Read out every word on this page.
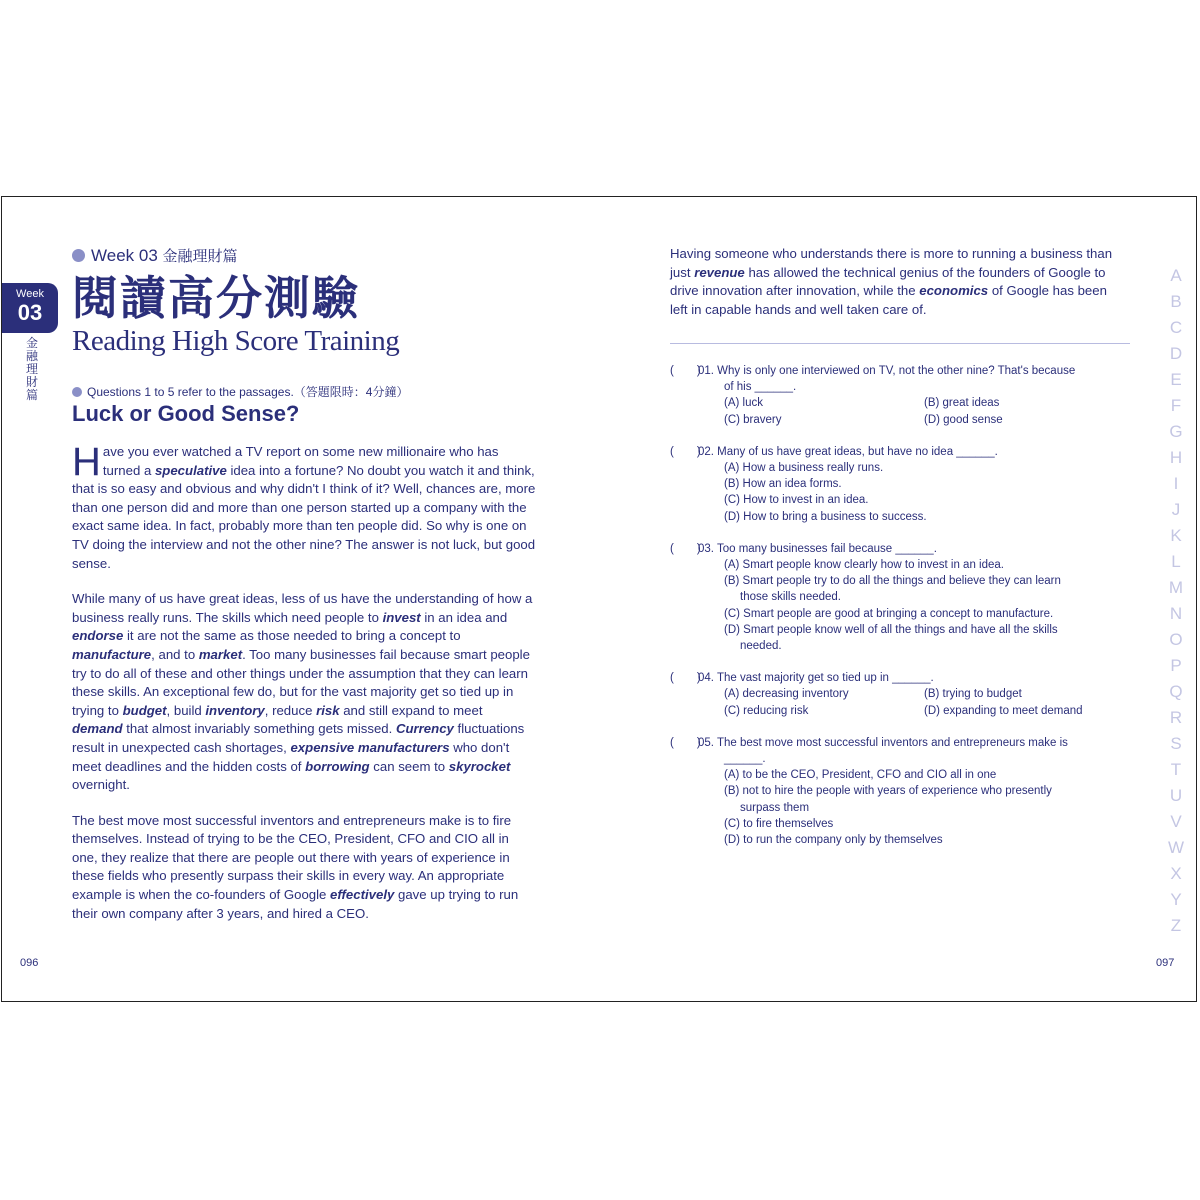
Week
03
金融理財篇
Week 03 金融理財篇
閱讀高分測驗
Reading High Score Training
Questions 1 to 5 refer to the passages.（答題限時：4分鐘）
Luck or Good Sense?

Have you ever watched a TV report on some new millionaire who has turned a speculative idea into a fortune? No doubt you watch it and think, that is so easy and obvious and why didn't I think of it? Well, chances are, more than one person did and more than one person started up a company with the exact same idea. In fact, probably more than ten people did. So why is one on TV doing the interview and not the other nine? The answer is not luck, but good sense.

While many of us have great ideas, less of us have the understanding of how a business really runs. The skills which need people to invest in an idea and endorse it are not the same as those needed to bring a concept to manufacture, and to market. Too many businesses fail because smart people try to do all of these and other things under the assumption that they can learn these skills. An exceptional few do, but for the vast majority get so tied up in trying to budget, build inventory, reduce risk and still expand to meet demand that almost invariably something gets missed. Currency fluctuations result in unexpected cash shortages, expensive manufacturers who don't meet deadlines and the hidden costs of borrowing can seem to skyrocket overnight.

The best move most successful inventors and entrepreneurs make is to fire themselves. Instead of trying to be the CEO, President, CFO and CIO all in one, they realize that there are people out there with years of experience in these fields who presently surpass their skills in every way. An appropriate example is when the co-founders of Google effectively gave up trying to run their own company after 3 years, and hired a CEO.

096
Having someone who understands there is more to running a business than just revenue has allowed the technical genius of the founders of Google to drive innovation after innovation, while the economics of Google has been left in capable hands and well taken care of.
(　　)
01. Why is only one interviewed on TV, not the other nine? That's because
of his ______.
(A) luck	(B) great ideas
(C) bravery	(D) good sense
(　　)
02. Many of us have great ideas, but have no idea ______.
(A) How a business really runs.
(B) How an idea forms.
(C) How to invest in an idea.
(D) How to bring a business to success.
(　　)
03. Too many businesses fail because ______.
(A) Smart people know clearly how to invest in an idea.
(B) Smart people try to do all the things and believe they can learn
those skills needed.
(C) Smart people are good at bringing a concept to manufacture.
(D) Smart people know well of all the things and have all the skills
needed.
(　　)
04. The vast majority get so tied up in ______.
(A) decreasing inventory	(B) trying to budget
(C) reducing risk	(D) expanding to meet demand
(　　)
05. The best move most successful inventors and entrepreneurs make is
______.
(A) to be the CEO, President, CFO and CIO all in one
(B) not to hire the people with years of experience who presently
surpass them
(C) to fire themselves
(D) to run the company only by themselves
097
A
B
C
D
E
F
G
H
I
J
K
L
M
N
O
P
Q
R
S
T
U
V
W
X
Y
Z
